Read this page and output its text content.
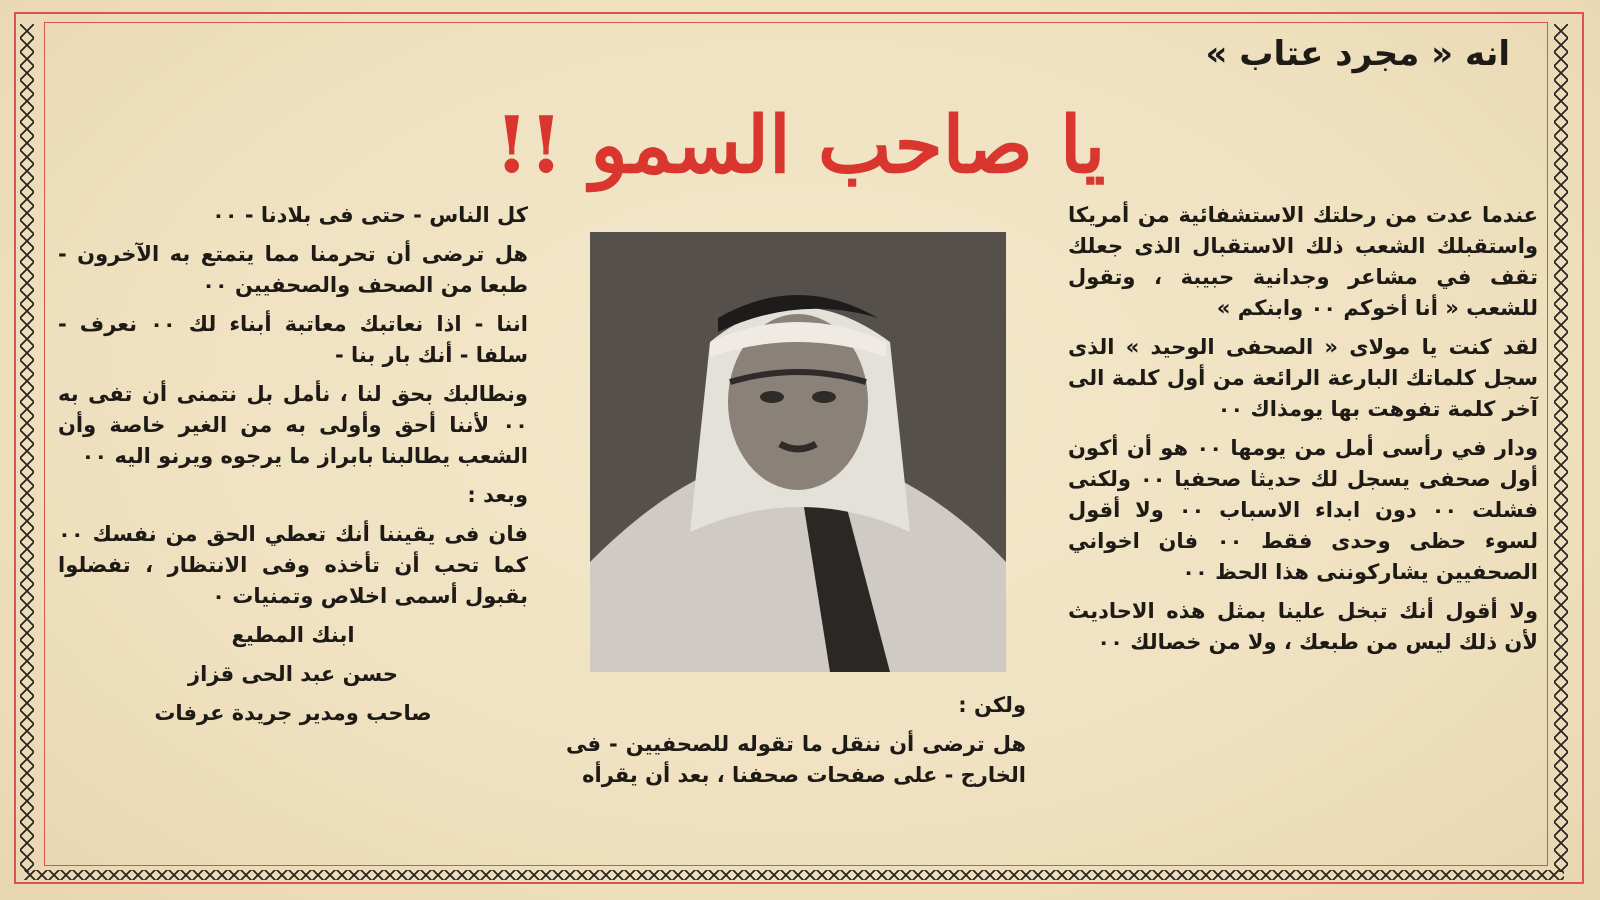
انه « مجرد عتاب »
يا صاحب السمو !!

عندما عدت من رحلتك الاستشفائية من أمريكا واستقبلك الشعب ذلك الاستقبال الذى جعلك تقف في مشاعر وجدانية حبيبة ، وتقول للشعب « أنا أخوكم ٠٠ وابنكم »

لقد كنت يا مولاى « الصحفى الوحيد » الذى سجل كلماتك البارعة الرائعة من أول كلمة الى آخر كلمة تفوهت بها يومذاك ٠٠

ودار في رأسى أمل من يومها ٠٠ هو أن أكون أول صحفى يسجل لك حديثا صحفيا ٠٠ ولكنى فشلت ٠٠ دون ابداء الاسباب ٠٠ ولا أقول لسوء حظى وحدى فقط ٠٠ فان اخواني الصحفيين يشاركوننى هذا الحظ ٠٠

ولا أقول أنك تبخل علينا بمثل هذه الاحاديث لأن ذلك ليس من طبعك ، ولا من خصالك ٠٠

ولكن :

هل ترضى أن ننقل ما تقوله للصحفيين - فى الخارج - على صفحات صحفنا ، بعد أن يقرأه

كل الناس - حتى فى بلادنا - ٠٠

هل ترضى أن تحرمنا مما يتمتع به الآخرون - طبعا من الصحف والصحفيين ٠٠

اننا - اذا نعاتبك معاتبة أبناء لك ٠٠ نعرف - سلفا - أنك بار بنا -

ونطالبك بحق لنا ، نأمل بل نتمنى أن تفى به ٠٠ لأننا أحق وأولى به من الغير خاصة وأن الشعب يطالبنا بابراز ما يرجوه ويرنو اليه ٠٠

وبعد :

فان فى يقيننا أنك تعطي الحق من نفسك ٠٠ كما تحب أن تأخذه وفى الانتظار ، تفضلوا بقبول أسمى اخلاص وتمنيات ٠

ابنك المطيع

حسن عبد الحى قزاز

صاحب ومدير جريدة عرفات
